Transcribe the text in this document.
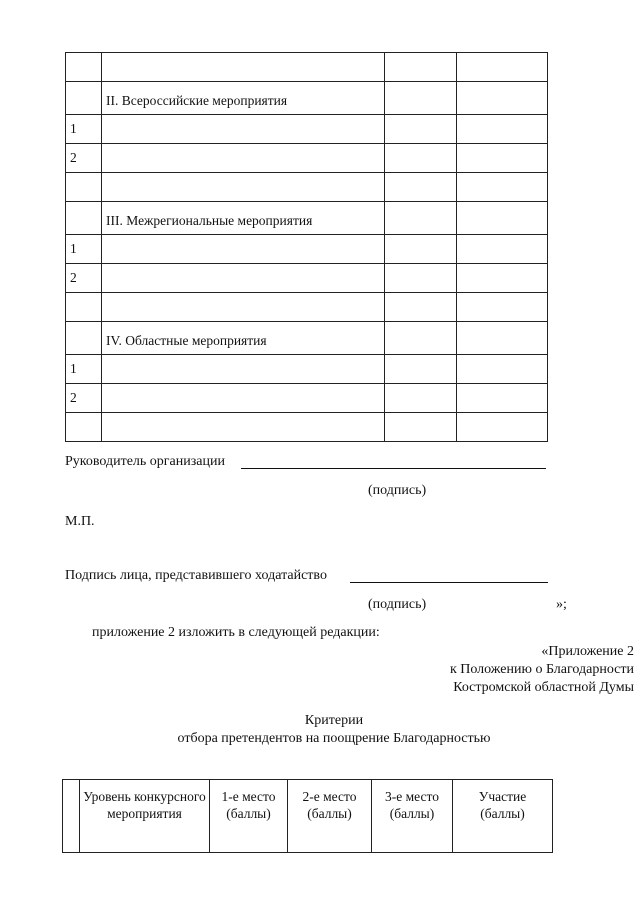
	II. Всероссийские мероприятия		
1			
2			

	III. Межрегиональные мероприятия		
1			
2			

	IV. Областные мероприятия		
1			
2			

Руководитель организации
(подпись)
М.П.
Подпись лица, представившего ходатайство
(подпись)	»;
приложение 2 изложить в следующей редакции:
«Приложение 2
к Положению о Благодарности
Костромской областной Думы
Критерии
отбора претендентов на поощрение Благодарностью
	Уровень конкурсного мероприятия	1-е место (баллы)	2-е место (баллы)	3-е место (баллы)	Участие (баллы)
